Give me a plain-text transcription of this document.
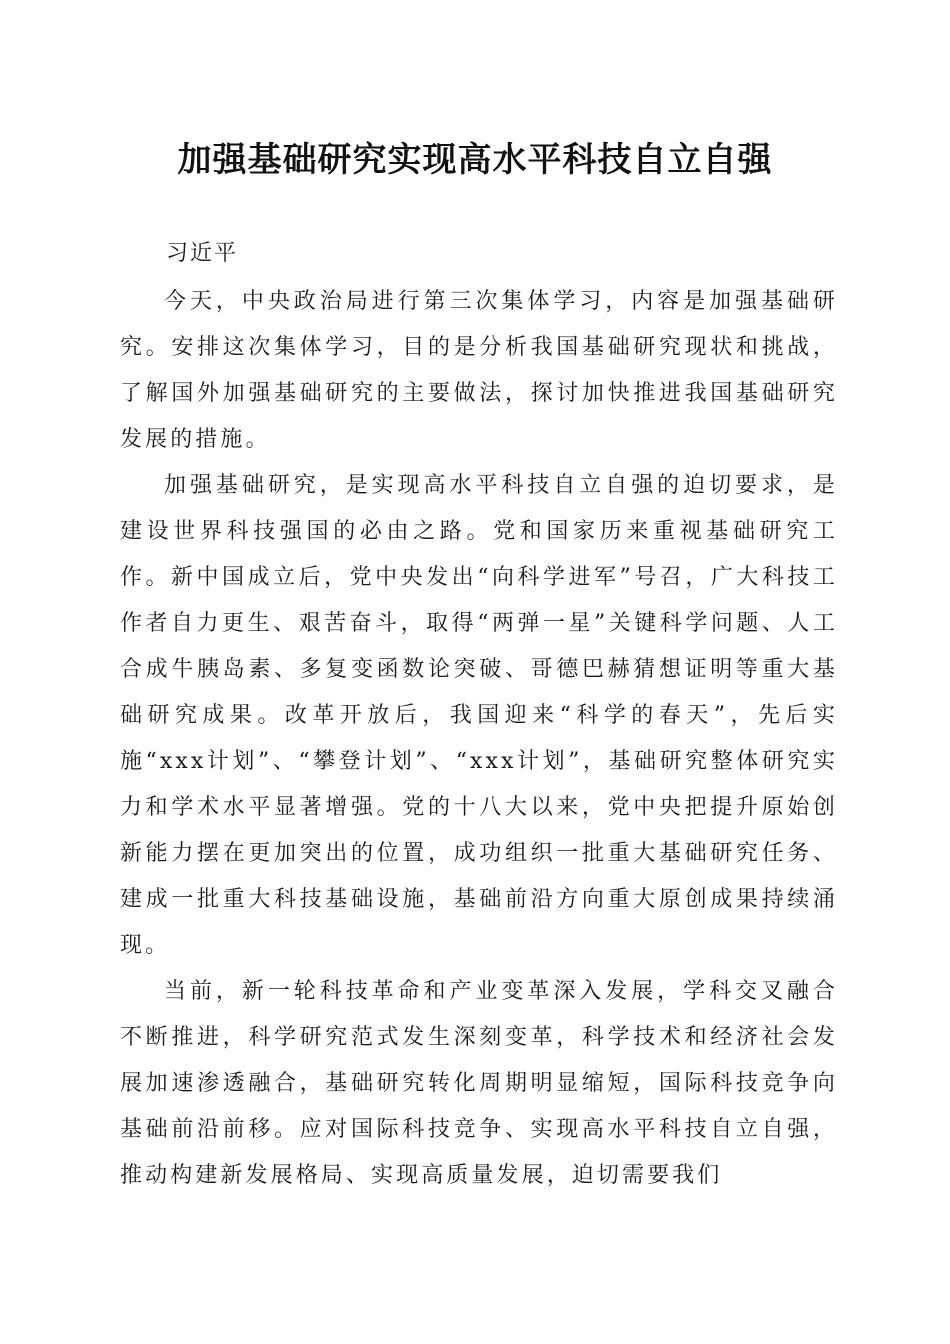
加强基础研究实现高水平科技自立自强

习近平

今天，中央政治局进行第三次集体学习，内容是加强基础研究。安排这次集体学习，目的是分析我国基础研究现状和挑战，了解国外加强基础研究的主要做法，探讨加快推进我国基础研究发展的措施。

加强基础研究，是实现高水平科技自立自强的迫切要求，是建设世界科技强国的必由之路。党和国家历来重视基础研究工作。新中国成立后，党中央发出“向科学进军”号召，广大科技工作者自力更生、艰苦奋斗，取得“两弹一星”关键科学问题、人工合成牛胰岛素、多复变函数论突破、哥德巴赫猜想证明等重大基础研究成果。改革开放后，我国迎来“科学的春天”，先后实施“xxx计划”、“攀登计划”、“xxx计划”，基础研究整体研究实力和学术水平显著增强。党的十八大以来，党中央把提升原始创新能力摆在更加突出的位置，成功组织一批重大基础研究任务、建成一批重大科技基础设施，基础前沿方向重大原创成果持续涌现。

当前，新一轮科技革命和产业变革深入发展，学科交叉融合不断推进，科学研究范式发生深刻变革，科学技术和经济社会发展加速渗透融合，基础研究转化周期明显缩短，国际科技竞争向基础前沿前移。应对国际科技竞争、实现高水平科技自立自强，推动构建新发展格局、实现高质量发展，迫切需要我们
